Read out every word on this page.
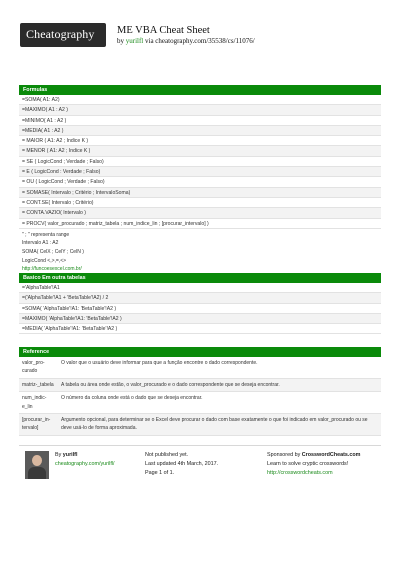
Cheatography ME VBA Cheat Sheet
by yurilfl via cheatography.com/35538/cs/11076/
Formulas
=SOMA( A1: A2)
=MAXIMO( A1 : A2 )
=MINIMO( A1 : A2 )
=MEDIA( A1 : A2 )
= MAIOR ( A1: A2 ; Indice K )
= MENOR ( A1: A2 ; Indice K )
= SE ( LogicCond ; Verdade ; Falso)
= E ( LogicCond : Verdade ; Falso)
= OU ( LogicCond ; Verdade ; Falso)
= SOMASE( Intervalo ; Critério ; IntervaloSoma)
= CONT.SE( Intervalo ; Critério)
= CONTA.VAZIO( Intervalo )
= PROCV( valor_procurado ; matriz_tabela ; num_indice_lin ; [procurar_intervalo] )
" ; " representa range
Intervalo A1 : A2
SOMA( CelX ; CelY ; CelN )
LogicCond <,>,=,<>
http://funcoesexcel.com.br/
Basico Em outra tabelas
='AlphaTable'!A1
=('AlphaTable'!A1 + 'BetaTable'!A2) / 2
=SOMA( 'AlphaTable'!A1: 'BetaTable'!A2 )
=MAXIMO( 'AlphaTable'!A1: 'BetaTable'!A2 )
=MEDIA( 'AlphaTable'!A1: 'BetaTable'!A2 )
Reference
valor_pro-curado
O valor que o usuário deve informar para que a função encontre o dado correspondente.
matriz-_tabela	A tabela ou área onde estão, o valor_procurado e o dado correspondente que se deseja encontrar.
num_indic-e_lin
O número da coluna onde está o dado que se deseja encontrar.
[procurar_in-tervalo]
Argumento opcional, para determinar se o Excel deve procurar o dado com base exatamente o que foi indicado em valor_procurado ou se deve usá-lo de forma aproximada.
By yurilfl
cheatography.com/yurilfl/
Not published yet.
Last updated 4th March, 2017.
Page 1 of 1.
Sponsored by CrosswordCheats.com
Learn to solve cryptic crosswords!
http://crosswordcheats.com
